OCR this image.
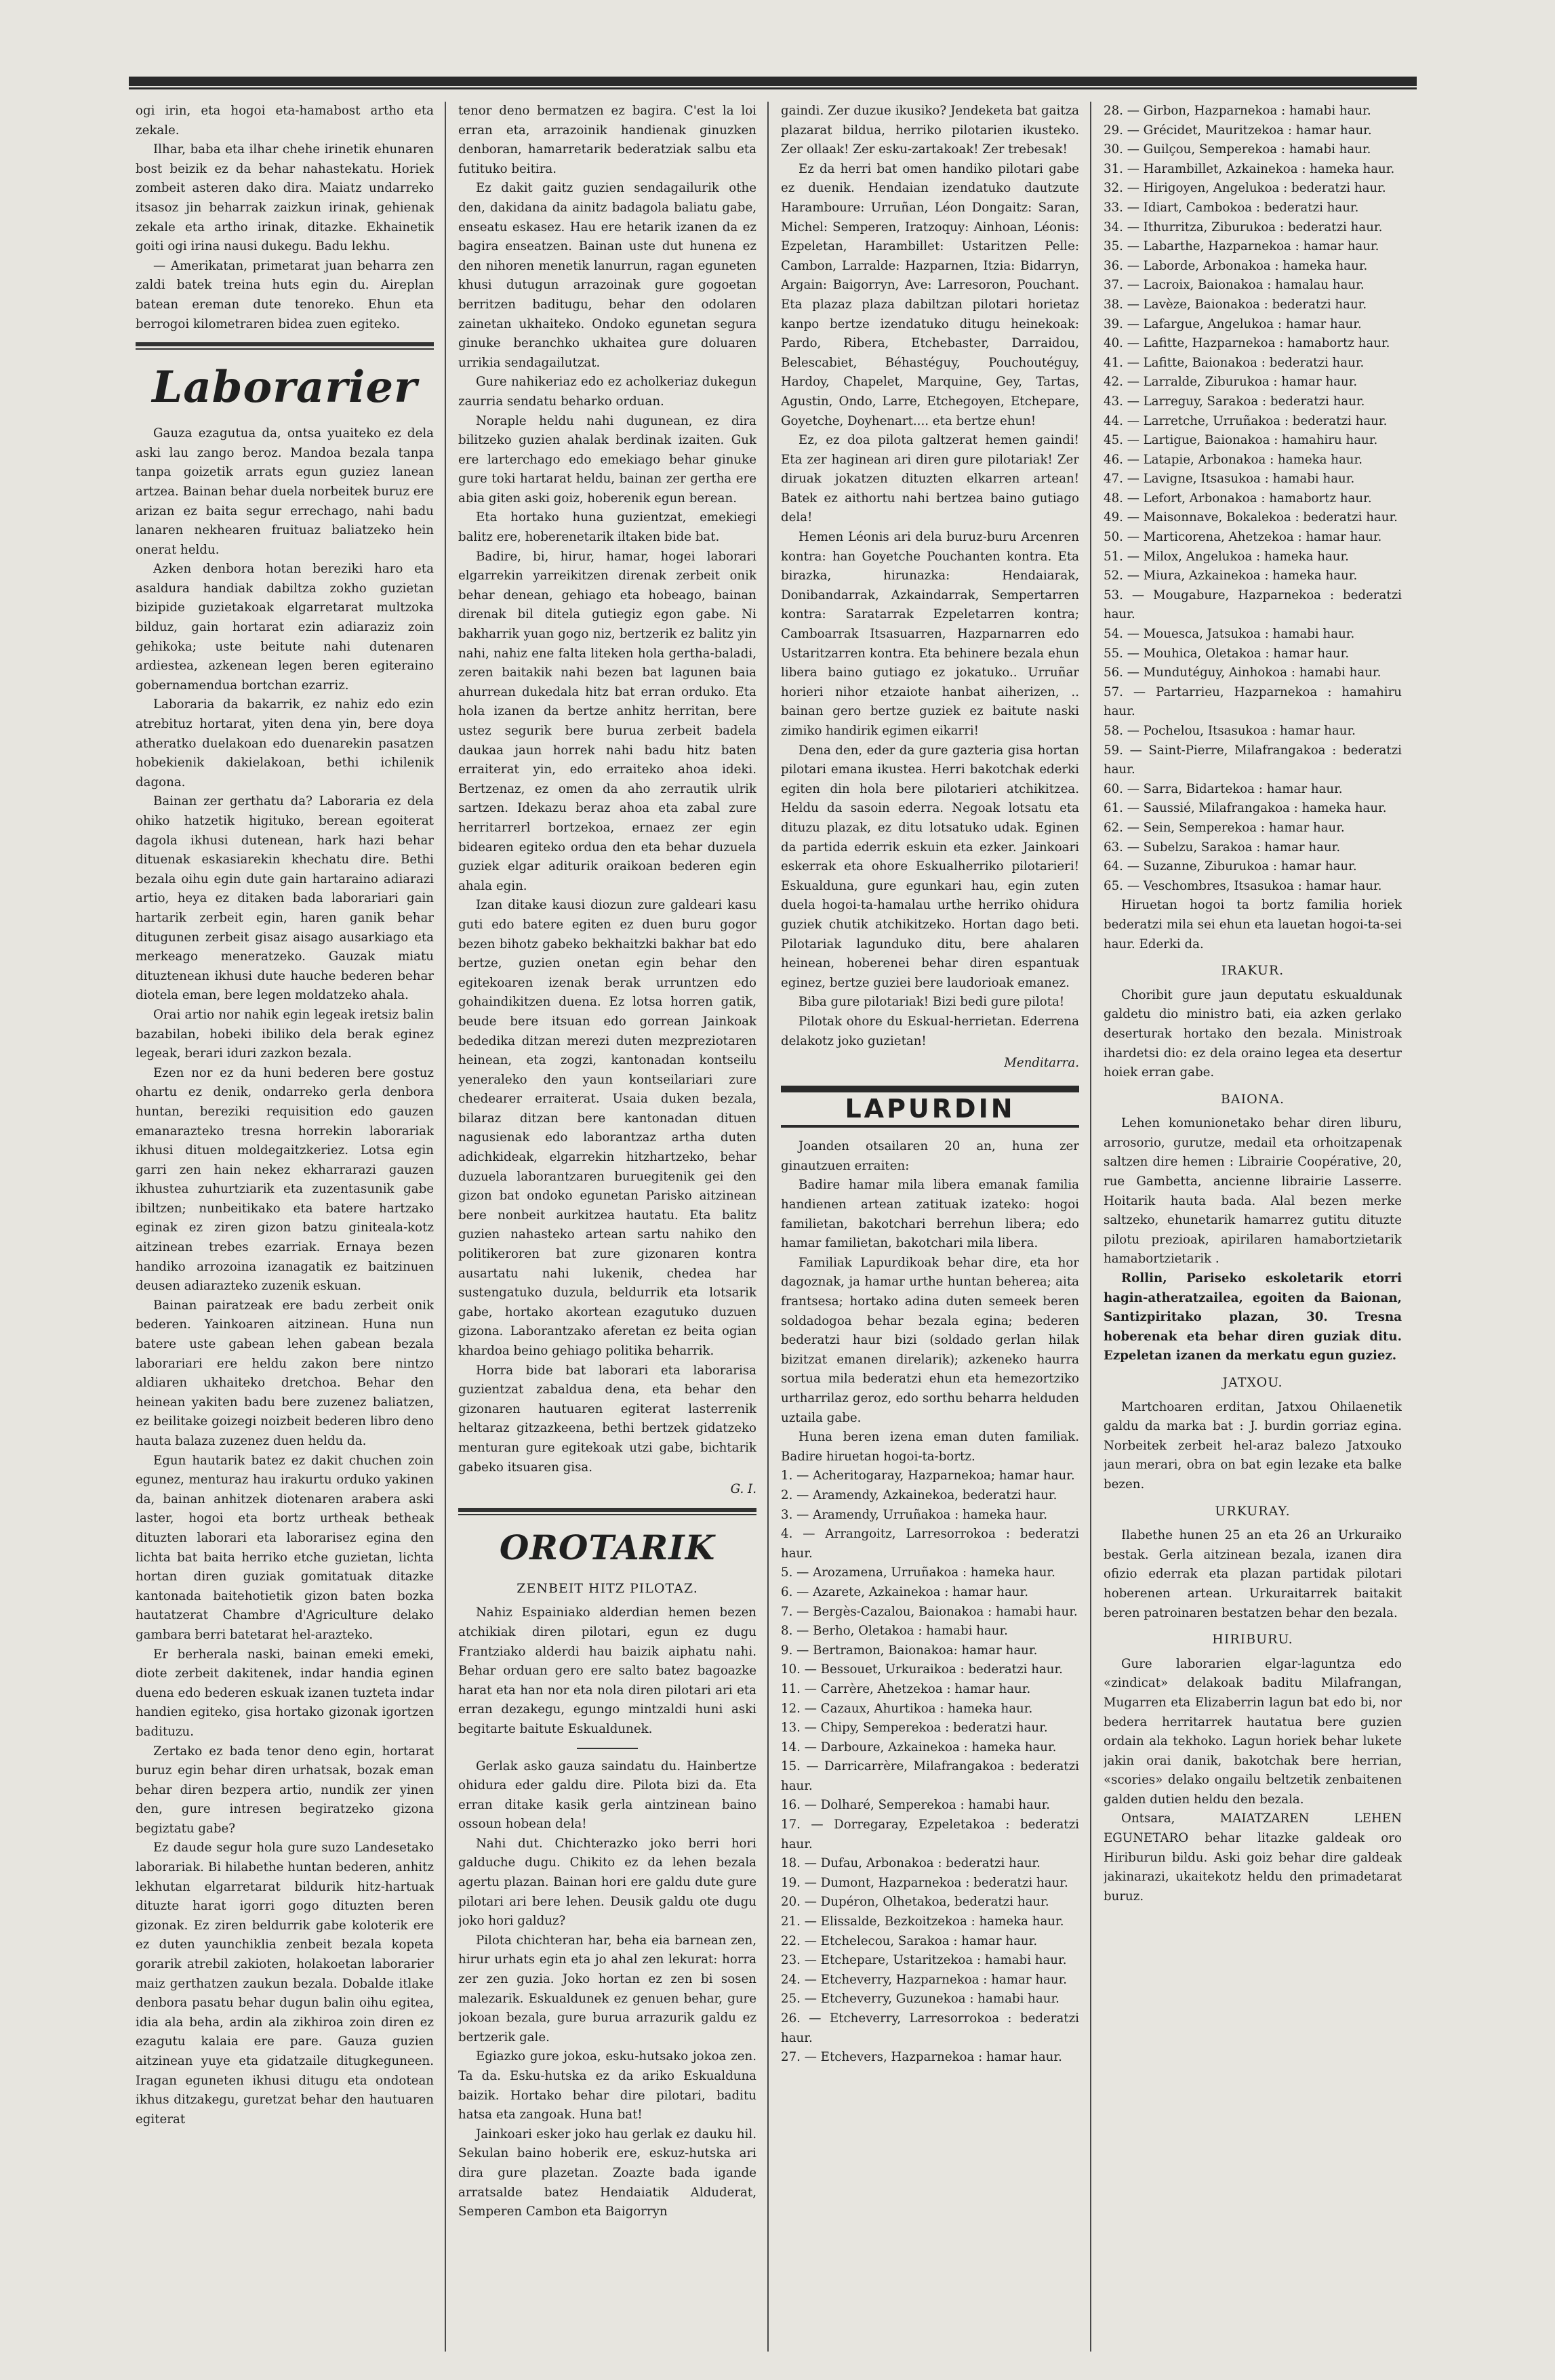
ogi irin, eta hogoi eta-hamabost artho eta zekale.

Ilhar, baba eta ilhar chehe irinetik ehunaren bost beizik ez da behar nahastekatu. Horiek zombeit asteren dako dira. Maiatz undarreko itsasoz jin beharrak zaizkun irinak, gehienak zekale eta artho irinak, ditazke. Ekhainetik goiti ogi irina nausi dukegu. Badu lekhu.

— Amerikatan, primetarat juan beharra zen zaldi batek treina huts egin du. Aireplan batean ereman dute tenoreko. Ehun eta berrogoi kilometraren bidea zuen egiteko.

Laborarier

Gauza ezagutua da, ontsa yuaiteko ez dela aski lau zango beroz. Mandoa bezala tanpa tanpa goizetik arrats egun guziez lanean artzea. Bainan behar duela norbeitek buruz ere arizan ez baita segur errechago, nahi badu lanaren nekhearen fruituaz baliatzeko hein onerat heldu.

Azken denbora hotan bereziki haro eta asaldura handiak dabiltza zokho guzietan bizipide guzietakoak elgarretarat multzoka bilduz, gain hortarat ezin adiaraziz zoin gehikoka; uste beitute nahi dutenaren ardiestea, azkenean legen beren egiteraino gobernamendua bortchan ezarriz.

Laboraria da bakarrik, ez nahiz edo ezin atrebituz hortarat, yiten dena yin, bere doya atheratko duelakoan edo duenarekin pasatzen hobekienik dakielakoan, bethi ichilenik dagona.

Bainan zer gerthatu da? Laboraria ez dela ohiko hatzetik higituko, berean egoiterat dagola ikhusi dutenean, hark hazi behar dituenak eskasiarekin khechatu dire. Bethi bezala oihu egin dute gain hartaraino adiarazi artio, heya ez ditaken bada laborariari gain hartarik zerbeit egin, haren ganik behar ditugunen zerbeit gisaz aisago ausarkiago eta merkeago meneratzeko. Gauzak miatu dituztenean ikhusi dute hauche bederen behar diotela eman, bere legen moldatzeko ahala.

Orai artio nor nahik egin legeak iretsiz balin bazabilan, hobeki ibiliko dela berak eginez legeak, berari iduri zazkon bezala.

Ezen nor ez da huni bederen bere gostuz ohartu ez denik, ondarreko gerla denbora huntan, bereziki requisition edo gauzen emanarazteko tresna horrekin laborariak ikhusi dituen moldegaitzkeriez. Lotsa egin garri zen hain nekez ekharrarazi gauzen ikhustea zuhurtziarik eta zuzentasunik gabe ibiltzen; nunbeitikako eta batere hartzako eginak ez ziren gizon batzu giniteala-kotz aitzinean trebes ezarriak. Ernaya bezen handiko arrozoina izanagatik ez baitzinuen deusen adiarazteko zuzenik eskuan.

Bainan pairatzeak ere badu zerbeit onik bederen. Yainkoaren aitzinean. Huna nun batere uste gabean lehen gabean bezala laborariari ere heldu zakon bere nintzo aldiaren ukhaiteko dretchoa. Behar den heinean yakiten badu bere zuzenez baliatzen, ez beilitake goizegi noizbeit bederen libro deno hauta balaza zuzenez duen heldu da.

Egun hautarik batez ez dakit chuchen zoin egunez, menturaz hau irakurtu orduko yakinen da, bainan anhitzek diotenaren arabera aski laster, hogoi eta bortz urtheak betheak dituzten laborari eta laborarisez egina den lichta bat baita herriko etche guzietan, lichta hortan diren guziak gomitatuak ditazke kantonada baitehotietik gizon baten bozka hautatzerat Chambre d'Agriculture delako gambara berri batetarat hel-arazteko.

Er berherala naski, bainan emeki emeki, diote zerbeit dakitenek, indar handia eginen duena edo bederen eskuak izanen tuzteta indar handien egiteko, gisa hortako gizonak igortzen badituzu.

Zertako ez bada tenor deno egin, hortarat buruz egin behar diren urhatsak, bozak eman behar diren bezpera artio, nundik zer yinen den, gure intresen begiratzeko gizona begiztatu gabe?

Ez daude segur hola gure suzo Landesetako laborariak. Bi hilabethe huntan bederen, anhitz lekhutan elgarretarat bildurik hitz-hartuak dituzte harat igorri gogo dituzten beren gizonak. Ez ziren beldurrik gabe koloterik ere ez duten yaunchiklia zenbeit bezala kopeta gorarik atrebil zakioten, holakoetan laborarier maiz gerthatzen zaukun bezala. Dobalde itlake denbora pasatu behar dugun balin oihu egitea, idia ala beha, ardin ala zikhiroa zoin diren ez ezagutu kalaia ere pare. Gauza guzien aitzinean yuye eta gidatzaile ditugkeguneen. Iragan eguneten ikhusi ditugu eta ondotean ikhus ditzakegu, guretzat behar den hautuaren egiterat

tenor deno bermatzen ez bagira. C'est la loi erran eta, arrazoinik handienak ginuzken denboran, hamarretarik bederatziak salbu eta futituko beitira.

Ez dakit gaitz guzien sendagailurik othe den, dakidana da ainitz badagola baliatu gabe, enseatu eskasez. Hau ere hetarik izanen da ez bagira enseatzen. Bainan uste dut hunena ez den nihoren menetik lanurrun, ragan eguneten khusi dutugun arrazoinak gure gogoetan berritzen baditugu, behar den odolaren zainetan ukhaiteko. Ondoko egunetan segura ginuke beranchko ukhaitea gure doluaren urrikia sendagailutzat.

Gure nahikeriaz edo ez acholkeriaz dukegun zaurria sendatu beharko orduan.

Noraple heldu nahi dugunean, ez dira bilitzeko guzien ahalak berdinak izaiten. Guk ere larterchago edo emekiago behar ginuke gure toki hartarat heldu, bainan zer gertha ere abia giten aski goiz, hoberenik egun berean.

Eta hortako huna guzientzat, emekiegi balitz ere, hoberenetarik iltaken bide bat.

Badire, bi, hirur, hamar, hogei laborari elgarrekin yarreikitzen direnak zerbeit onik behar denean, gehiago eta hobeago, bainan direnak bil ditela gutiegiz egon gabe. Ni bakharrik yuan gogo niz, bertzerik ez balitz yin nahi, nahiz ene falta liteken hola gertha-baladi, zeren baitakik nahi bezen bat lagunen baia ahurrean dukedala hitz bat erran orduko. Eta hola izanen da bertze anhitz herritan, bere ustez segurik bere burua zerbeit badela daukaa jaun horrek nahi badu hitz baten erraiterat yin, edo erraiteko ahoa ideki. Bertzenaz, ez omen da aho zerrautik ulrik sartzen. Idekazu beraz ahoa eta zabal zure herritarrerl bortzekoa, ernaez zer egin bidearen egiteko ordua den eta behar duzuela guziek elgar aditurik oraikoan bederen egin ahala egin.

Izan ditake kausi diozun zure galdeari kasu guti edo batere egiten ez duen buru gogor bezen bihotz gabeko bekhaitzki bakhar bat edo bertze, guzien onetan egin behar den egitekoaren izenak berak urruntzen edo gohaindikitzen duena. Ez lotsa horren gatik, beude bere itsuan edo gorrean Jainkoak bededika ditzan merezi duten mezpreziotaren heinean, eta zogzi, kantonadan kontseilu yeneraleko den yaun kontseilariari zure chedearer erraiterat. Usaia duken bezala, bilaraz ditzan bere kantonadan dituen nagusienak edo laborantzaz artha duten adichkideak, elgarrekin hitzhartzeko, behar duzuela laborantzaren buruegitenik gei den gizon bat ondoko egunetan Parisko aitzinean bere nonbeit aurkitzea hautatu. Eta balitz guzien nahasteko artean sartu nahiko den politikeroren bat zure gizonaren kontra ausartatu nahi lukenik, chedea har sustengatuko duzula, beldurrik eta lotsarik gabe, hortako akortean ezagutuko duzuen gizona. Laborantzako aferetan ez beita ogian khardoa beino gehiago politika beharrik.

Horra bide bat laborari eta laborarisa guzientzat zabaldua dena, eta behar den gizonaren hautuaren egiterat lasterrenik heltaraz gitzazkeena, bethi bertzek gidatzeko menturan gure egitekoak utzi gabe, bichtarik gabeko itsuaren gisa.

G. I.
OROTARIK
ZENBEIT HITZ PILOTAZ.

Nahiz Espainiako alderdian hemen bezen atchikiak diren pilotari, egun ez dugu Frantziako alderdi hau baizik aiphatu nahi. Behar orduan gero ere salto batez bagoazke harat eta han nor eta nola diren pilotari ari eta erran dezakegu, egungo mintzaldi huni aski begitarte baitute Eskualdunek.

Gerlak asko gauza saindatu du. Hainbertze ohidura eder galdu dire. Pilota bizi da. Eta erran ditake kasik gerla aintzinean baino ossoun hobean dela!

Nahi dut. Chichterazko joko berri hori galduche dugu. Chikito ez da lehen bezala agertu plazan. Bainan hori ere galdu dute gure pilotari ari bere lehen. Deusik galdu ote dugu joko hori galduz?

Pilota chichteran har, beha eia barnean zen, hirur urhats egin eta jo ahal zen lekurat: horra zer zen guzia. Joko hortan ez zen bi sosen malezarik. Eskualdunek ez genuen behar, gure jokoan bezala, gure burua arrazurik galdu ez bertzerik gale.

Egiazko gure jokoa, esku-hutsako jokoa zen. Ta da. Esku-hutska ez da ariko Eskualduna baizik. Hortako behar dire pilotari, baditu hatsa eta zangoak. Huna bat!

Jainkoari esker joko hau gerlak ez dauku hil. Sekulan baino hoberik ere, eskuz-hutska ari dira gure plazetan. Zoazte bada igande arratsalde batez Hendaiatik Alduderat, Semperen Cambon eta Baigorryn

gaindi. Zer duzue ikusiko? Jendeketa bat gaitza plazarat bildua, herriko pilotarien ikusteko. Zer ollaak! Zer esku-zartakoak! Zer trebesak!

Ez da herri bat omen handiko pilotari gabe ez duenik. Hendaian izendatuko dautzute Haramboure: Urruñan, Léon Dongaitz: Saran, Michel: Semperen, Iratzoquy: Ainhoan, Léonis: Ezpeletan, Harambillet: Ustaritzen Pelle: Cambon, Larralde: Hazparnen, Itzia: Bidarryn, Argain: Baigorryn, Ave: Larresoron, Pouchant. Eta plazaz plaza dabiltzan pilotari horietaz kanpo bertze izendatuko ditugu heinekoak: Pardo, Ribera, Etchebaster, Darraidou, Belescabiet, Béhastéguy, Pouchoutéguy, Hardoy, Chapelet, Marquine, Gey, Tartas, Agustin, Ondo, Larre, Etchegoyen, Etchepare, Goyetche, Doyhenart.... eta bertze ehun!

Ez, ez doa pilota galtzerat hemen gaindi! Eta zer haginean ari diren gure pilotariak! Zer diruak jokatzen dituzten elkarren artean! Batek ez aithortu nahi bertzea baino gutiago dela!

Hemen Léonis ari dela buruz-buru Arcenren kontra: han Goyetche Pouchanten kontra. Eta birazka, hirunazka: Hendaiarak, Donibandarrak, Azkaindarrak, Sempertarren kontra: Saratarrak Ezpeletarren kontra; Camboarrak Itsasuarren, Hazparnarren edo Ustaritzarren kontra. Eta behinere bezala ehun libera baino gutiago ez jokatuko.. Urruñar horieri nihor etzaiote hanbat aiherizen, .. bainan gero bertze guziek ez baitute naski zimiko handirik egimen eikarri!

Dena den, eder da gure gazteria gisa hortan pilotari emana ikustea. Herri bakotchak ederki egiten din hola bere pilotarieri atchikitzea. Heldu da sasoin ederra. Negoak lotsatu eta dituzu plazak, ez ditu lotsatuko udak. Eginen da partida ederrik eskuin eta ezker. Jainkoari eskerrak eta ohore Eskualherriko pilotarieri! Eskualduna, gure egunkari hau, egin zuten duela hogoi-ta-hamalau urthe herriko ohidura guziek chutik atchikitzeko. Hortan dago beti. Pilotariak lagunduko ditu, bere ahalaren heinean, hoberenei behar diren espantuak eginez, bertze guziei bere laudorioak emanez.

Biba gure pilotariak! Bizi bedi gure pilota!

Pilotak ohore du Eskual-herrietan. Ederrena delakotz joko guzietan!

Menditarra.
LAPURDIN

Joanden otsailaren 20 an, huna zer ginautzuen erraiten:

Badire hamar mila libera emanak familia handienen artean zatituak izateko: hogoi familietan, bakotchari berrehun libera; edo hamar familietan, bakotchari mila libera.

Familiak Lapurdikoak behar dire, eta hor dagoznak, ja hamar urthe huntan beherea; aita frantsesa; hortako adina duten semeek beren soldadogoa behar bezala egina; bederen bederatzi haur bizi (soldado gerlan hilak bizitzat emanen direlarik); azkeneko haurra sortua mila bederatzi ehun eta hemezortziko urtharrilaz geroz, edo sorthu beharra helduden uztaila gabe.

Huna beren izena eman duten familiak. Badire hiruetan hogoi-ta-bortz.

1. — Acheritogaray, Hazparnekoa; hamar haur.

2. — Aramendy, Azkainekoa, bederatzi haur.

3. — Aramendy, Urruñakoa : hameka haur.

4. — Arrangoitz, Larresorrokoa : bederatzi haur.

5. — Arozamena, Urruñakoa : hameka haur.

6. — Azarete, Azkainekoa : hamar haur.

7. — Bergès-Cazalou, Baionakoa : hamabi haur.

8. — Berho, Oletakoa : hamabi haur.

9. — Bertramon, Baionakoa: hamar haur.

10. — Bessouet, Urkuraikoa : bederatzi haur.

11. — Carrère, Ahetzekoa : hamar haur.

12. — Cazaux, Ahurtikoa : hameka haur.

13. — Chipy, Semperekoa : bederatzi haur.

14. — Darboure, Azkainekoa : hameka haur.

15. — Darricarrère, Milafrangakoa : bederatzi haur.

16. — Dolharé, Semperekoa : hamabi haur.

17. — Dorregaray, Ezpeletakoa : bederatzi haur.

18. — Dufau, Arbonakoa : bederatzi haur.

19. — Dumont, Hazparnekoa : bederatzi haur.

20. — Dupéron, Olhetakoa, bederatzi haur.

21. — Elissalde, Bezkoitzekoa : hameka haur.

22. — Etchelecou, Sarakoa : hamar haur.

23. — Etchepare, Ustaritzekoa : hamabi haur.

24. — Etcheverry, Hazparnekoa : hamar haur.

25. — Etcheverry, Guzunekoa : hamabi haur.

26. — Etcheverry, Larresorrokoa : bederatzi haur.

27. — Etchevers, Hazparnekoa : hamar haur.

28. — Girbon, Hazparnekoa : hamabi haur.

29. — Grécidet, Mauritzekoa : hamar haur.

30. — Guilçou, Semperekoa : hamabi haur.

31. — Harambillet, Azkainekoa : hameka haur.

32. — Hirigoyen, Angelukoa : bederatzi haur.

33. — Idiart, Cambokoa : bederatzi haur.

34. — Ithurritza, Ziburukoa : bederatzi haur.

35. — Labarthe, Hazparnekoa : hamar haur.

36. — Laborde, Arbonakoa : hameka haur.

37. — Lacroix, Baionakoa : hamalau haur.

38. — Lavèze, Baionakoa : bederatzi haur.

39. — Lafargue, Angelukoa : hamar haur.

40. — Lafitte, Hazparnekoa : hamabortz haur.

41. — Lafitte, Baionakoa : bederatzi haur.

42. — Larralde, Ziburukoa : hamar haur.

43. — Larreguy, Sarakoa : bederatzi haur.

44. — Larretche, Urruñakoa : bederatzi haur.

45. — Lartigue, Baionakoa : hamahiru haur.

46. — Latapie, Arbonakoa : hameka haur.

47. — Lavigne, Itsasukoa : hamabi haur.

48. — Lefort, Arbonakoa : hamabortz haur.

49. — Maisonnave, Bokalekoa : bederatzi haur.

50. — Marticorena, Ahetzekoa : hamar haur.

51. — Milox, Angelukoa : hameka haur.

52. — Miura, Azkainekoa : hameka haur.

53. — Mougabure, Hazparnekoa : bederatzi haur.

54. — Mouesca, Jatsukoa : hamabi haur.

55. — Mouhica, Oletakoa : hamar haur.

56. — Mundutéguy, Ainhokoa : hamabi haur.

57. — Partarrieu, Hazparnekoa : hamahiru haur.

58. — Pochelou, Itsasukoa : hamar haur.

59. — Saint-Pierre, Milafrangakoa : bederatzi haur.

60. — Sarra, Bidartekoa : hamar haur.

61. — Saussié, Milafrangakoa : hameka haur.

62. — Sein, Semperekoa : hamar haur.

63. — Subelzu, Sarakoa : hamar haur.

64. — Suzanne, Ziburukoa : hamar haur.

65. — Veschombres, Itsasukoa : hamar haur.

Hiruetan hogoi ta bortz familia horiek bederatzi mila sei ehun eta lauetan hogoi-ta-sei haur. Ederki da.

IRAKUR.

Choribit gure jaun deputatu eskualdunak galdetu dio ministro bati, eia azken gerlako deserturak hortako den bezala. Ministroak ihardetsi dio: ez dela oraino legea eta desertur hoiek erran gabe.

BAIONA.

Lehen komunionetako behar diren liburu, arrosorio, gurutze, medail eta orhoitzapenak saltzen dire hemen : Librairie Coopérative, 20, rue Gambetta, ancienne librairie Lasserre. Hoitarik hauta bada. Alal bezen merke saltzeko, ehunetarik hamarrez gutitu dituzte pilotu prezioak, apirilaren hamabortzietarik hamabortzietarik .

Rollin, Pariseko eskoletarik etorri hagin-atheratzailea, egoiten da Baionan, Santizpiritako plazan, 30. Tresna hoberenak eta behar diren guziak ditu. Ezpeletan izanen da merkatu egun guziez.

JATXOU.

Martchoaren erditan, Jatxou Ohilaenetik galdu da marka bat : J. burdin gorriaz egina. Norbeitek zerbeit hel-araz balezo Jatxouko jaun merari, obra on bat egin lezake eta balke bezen.

URKURAY.

Ilabethe hunen 25 an eta 26 an Urkuraiko bestak. Gerla aitzinean bezala, izanen dira ofizio ederrak eta plazan partidak pilotari hoberenen artean. Urkuraitarrek baitakit beren patroinaren bestatzen behar den bezala.

HIRIBURU.

Gure laborarien elgar-laguntza edo «zindicat» delakoak baditu Milafrangan, Mugarren eta Elizaberrin lagun bat edo bi, nor bedera herritarrek hautatua bere guzien ordain ala tekhoko. Lagun horiek behar lukete jakin orai danik, bakotchak bere herrian, «scories» delako ongailu beltzetik zenbaitenen galden dutien heldu den bezala.

Ontsara, MAIATZAREN LEHEN EGUNETARO behar litazke galdeak oro Hiriburun bildu. Aski goiz behar dire galdeak jakinarazi, ukaitekotz heldu den primadetarat buruz.
